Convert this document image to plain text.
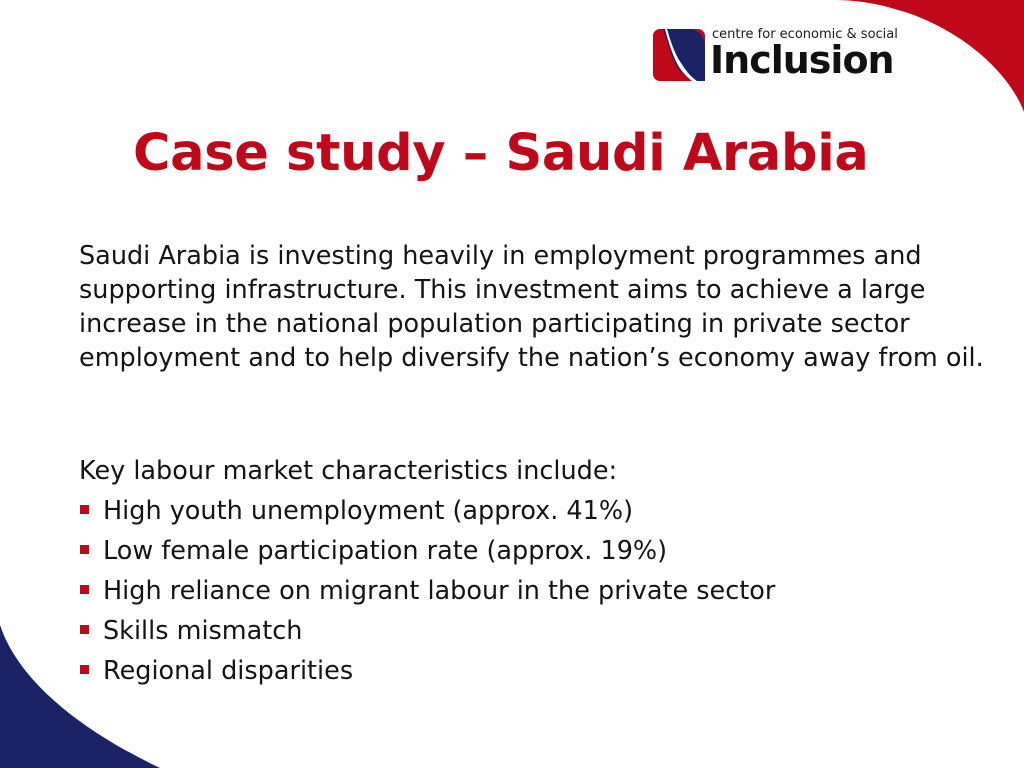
centre for economic & social
Inclusion
Case study – Saudi Arabia

Saudi Arabia is investing heavily in employment programmes and supporting infrastructure. This investment aims to achieve a large increase in the national population participating in private sector employment and to help diversify the nation’s economy away from oil.

Key labour market characteristics include:

High youth unemployment (approx. 41%)
Low female participation rate (approx. 19%)
High reliance on migrant labour in the private sector
Skills mismatch
Regional disparities
